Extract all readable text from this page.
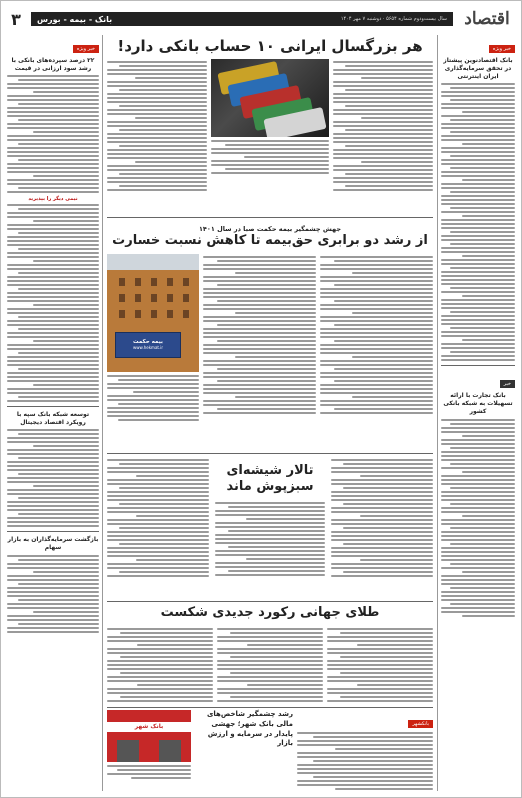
اقتصاد
سال بیست‌ودوم شماره ۵۶۵۴ · دوشنبه ۷ مهر ۱۴۰۴
بانک - بیمه - بورس
۳
خبر ویژه
بانک اقتصادنوین پیشتاز در تحقق سرمایه‌گذاری ایران اینترنتی
خبر
بانک تجارت با ارائه تسهیلات به شبکه بانکی کشور
خبر ویژه
۲۲ درصد سپرده‌های بانکی با رشد سود ارزانی در قیمت
نیمی دیگر را بپذیرید
توسعه شبکه بانک سپه با رویکرد اقتصاد دیجیتال
بازگشت سرمایه‌گذاران به بازار سهام
هر بزرگسال ایرانی ۱۰ حساب بانکی دارد!
جهش چشمگیر بیمه حکمت صبا در سال ۱۴۰۱
از رشد دو برابری حق‌بیمه تا کاهش نسبت خسارت
بیمه حکمت
www.hekmat.ir
تالار شیشه‌ای سبزپوش ماند
طلای جهانی رکورد جدیدی شکست
بانکشهر
رشد چشمگیر شاخص‌های مالی بانک شهر؛ جهشی پایدار در سرمایه و ارزش بازار
بانک شهر
